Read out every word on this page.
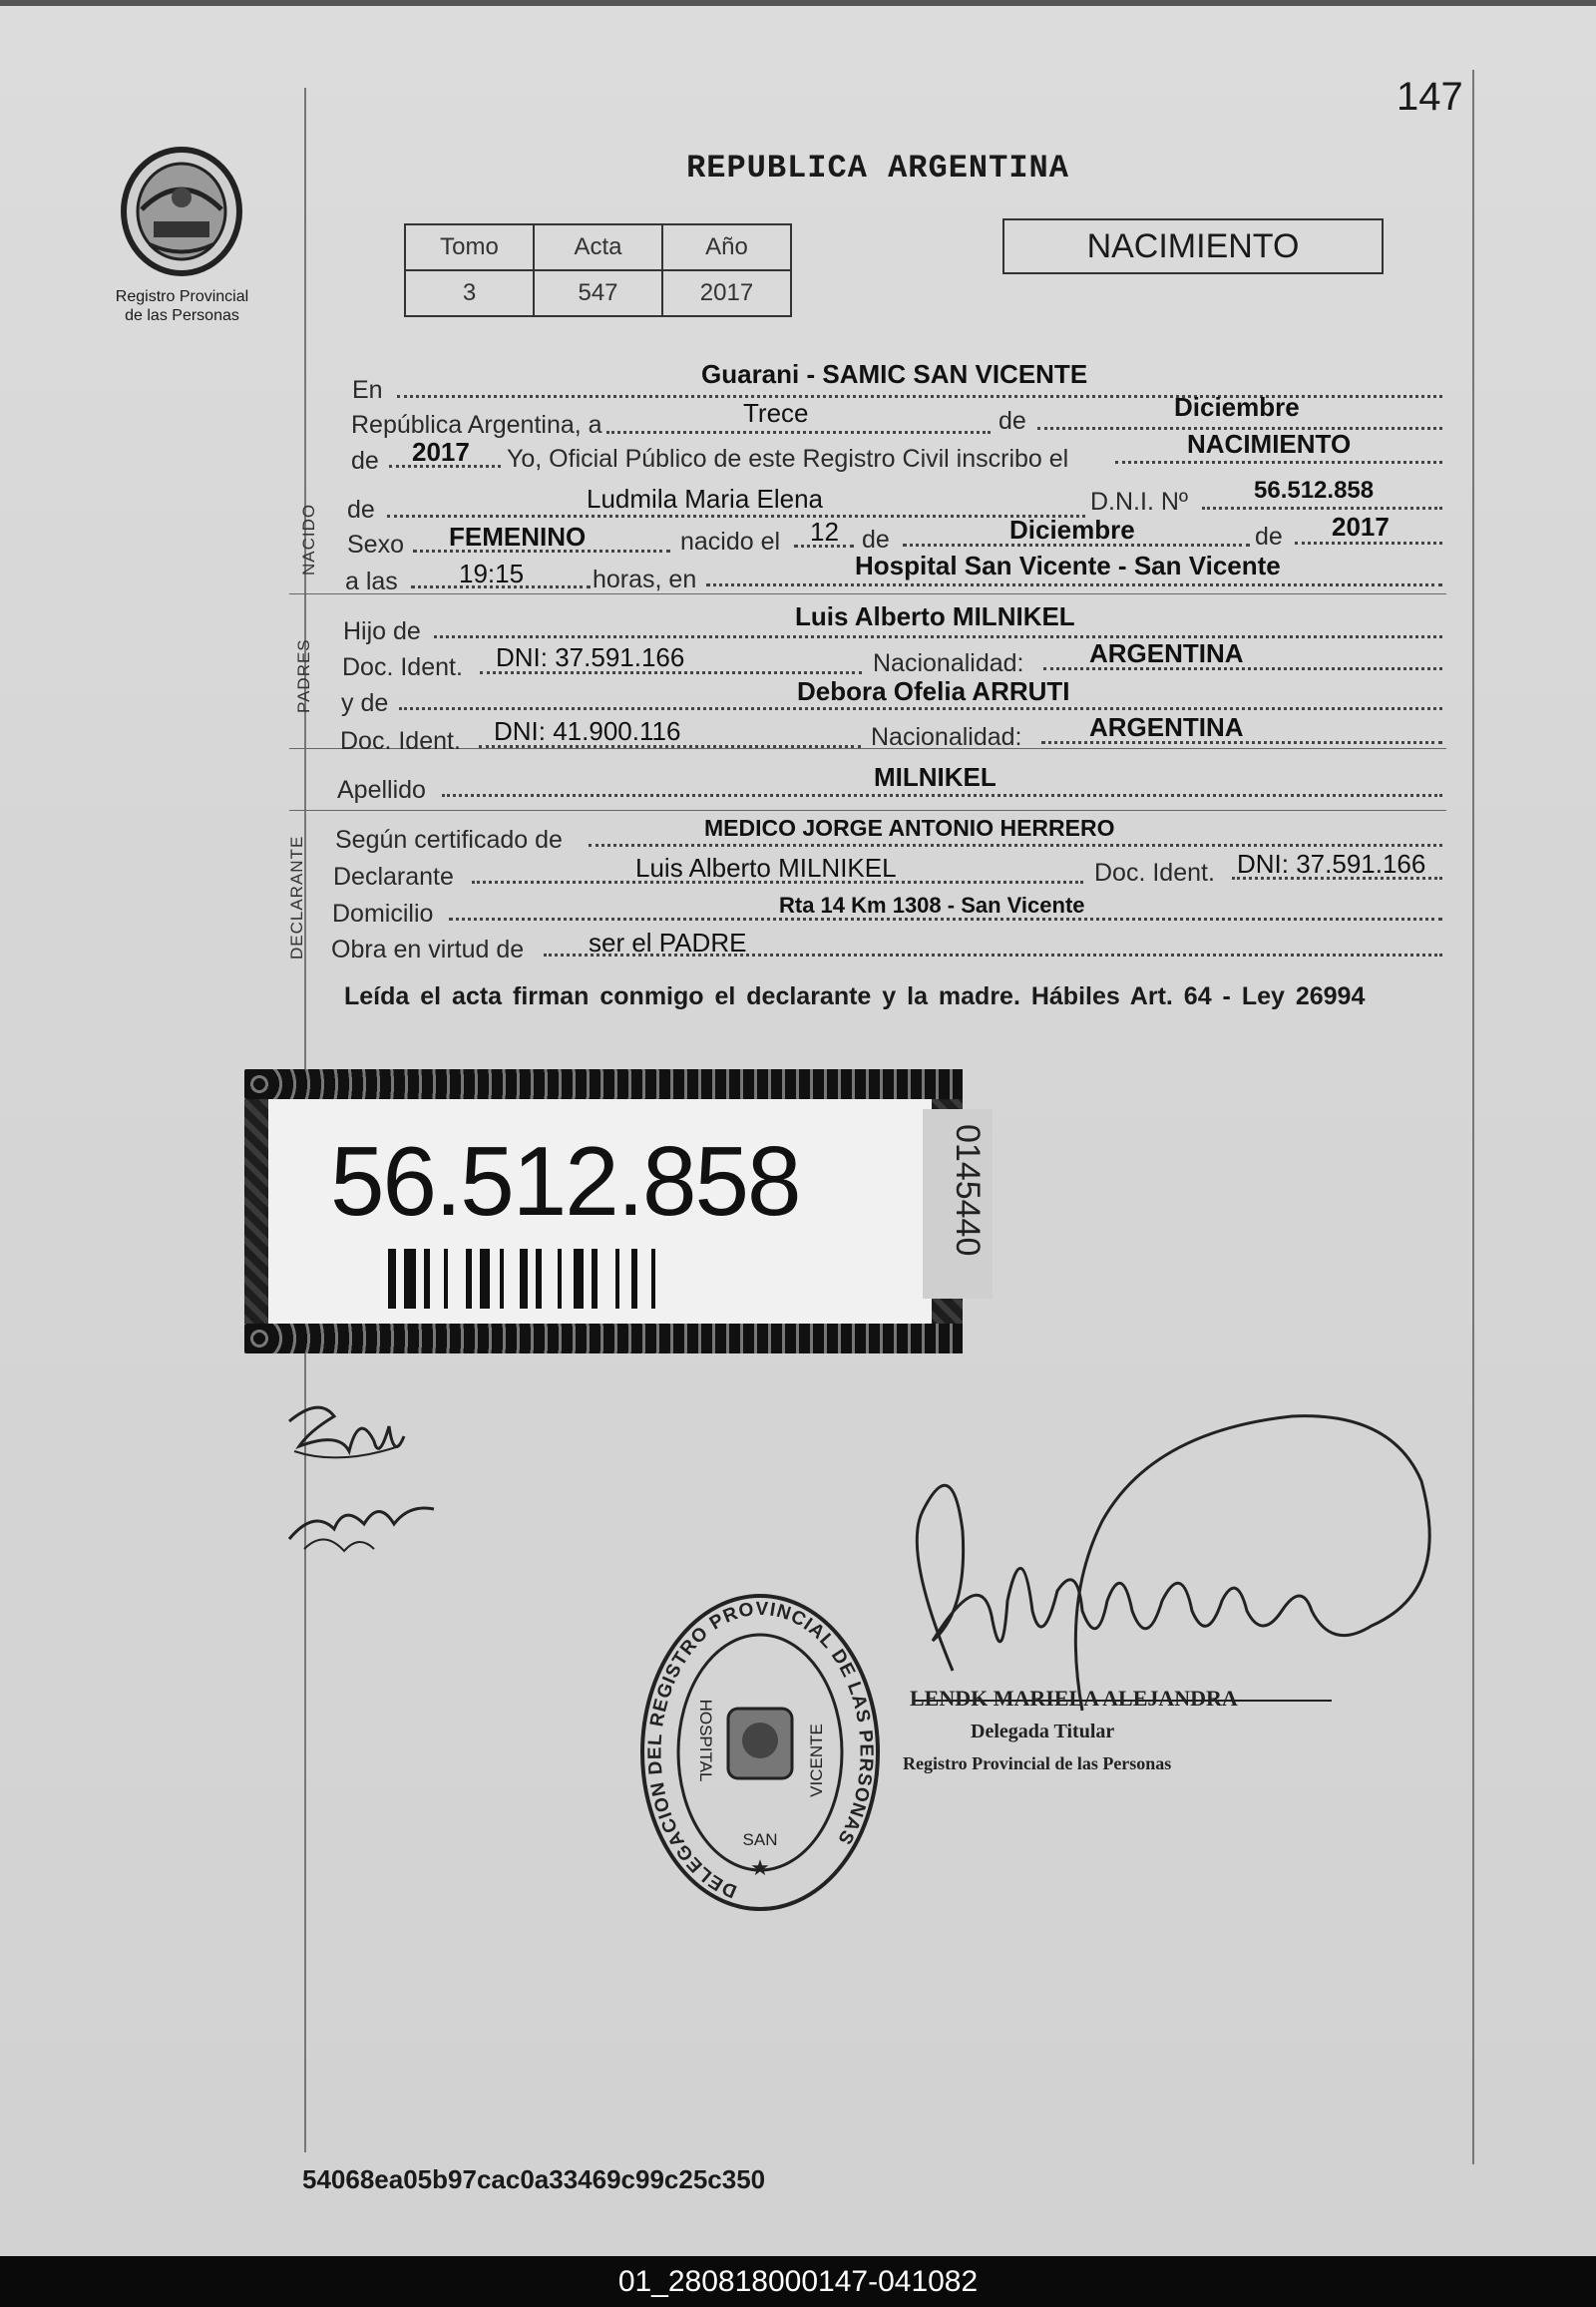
147
Registro Provincial
de las Personas
REPUBLICA ARGENTINA
Tomo	Acta	Año
3	547	2017
NACIMIENTO
NACIDO
PADRES
DECLARANTE
En
Guarani - SAMIC SAN VICENTE
República Argentina, a	Trece	de	Diciembre
de 2017 Yo, Oficial Público de este Registro Civil inscribo el	NACIMIENTO
de	Ludmila Maria Elena	D.N.I. Nº	56.512.858
Sexo FEMENINO	nacido el 12 de	Diciembre	de 2017
a las 19:15	horas, en	Hospital San Vicente - San Vicente
Hijo de	Luis Alberto MILNIKEL
Doc. Ident. DNI: 37.591.166	Nacionalidad:	ARGENTINA
y de	Debora Ofelia ARRUTI
Doc. Ident. DNI: 41.900.116	Nacionalidad:	ARGENTINA
Apellido	MILNIKEL
Según certificado de	MEDICO JORGE ANTONIO HERRERO
Declarante	Luis Alberto MILNIKEL	Doc. Ident. DNI: 37.591.166
Domicilio	Rta 14 Km 1308 - San Vicente
Obra en virtud de ser el PADRE
Leída el acta firman conmigo el declarante y la madre. Hábiles Art. 64 - Ley 26994
56.512.858	0145440
DELEGACION DEL REGISTRO PROVINCIAL DE LAS PERSONAS
HOSPITAL
SAN
VICENTE
★
LENDK MARIELA ALEJANDRA
Delegada Titular
Registro Provincial de las Personas
54068ea05b97cac0a33469c99c25c350
01_280818000147-041082
